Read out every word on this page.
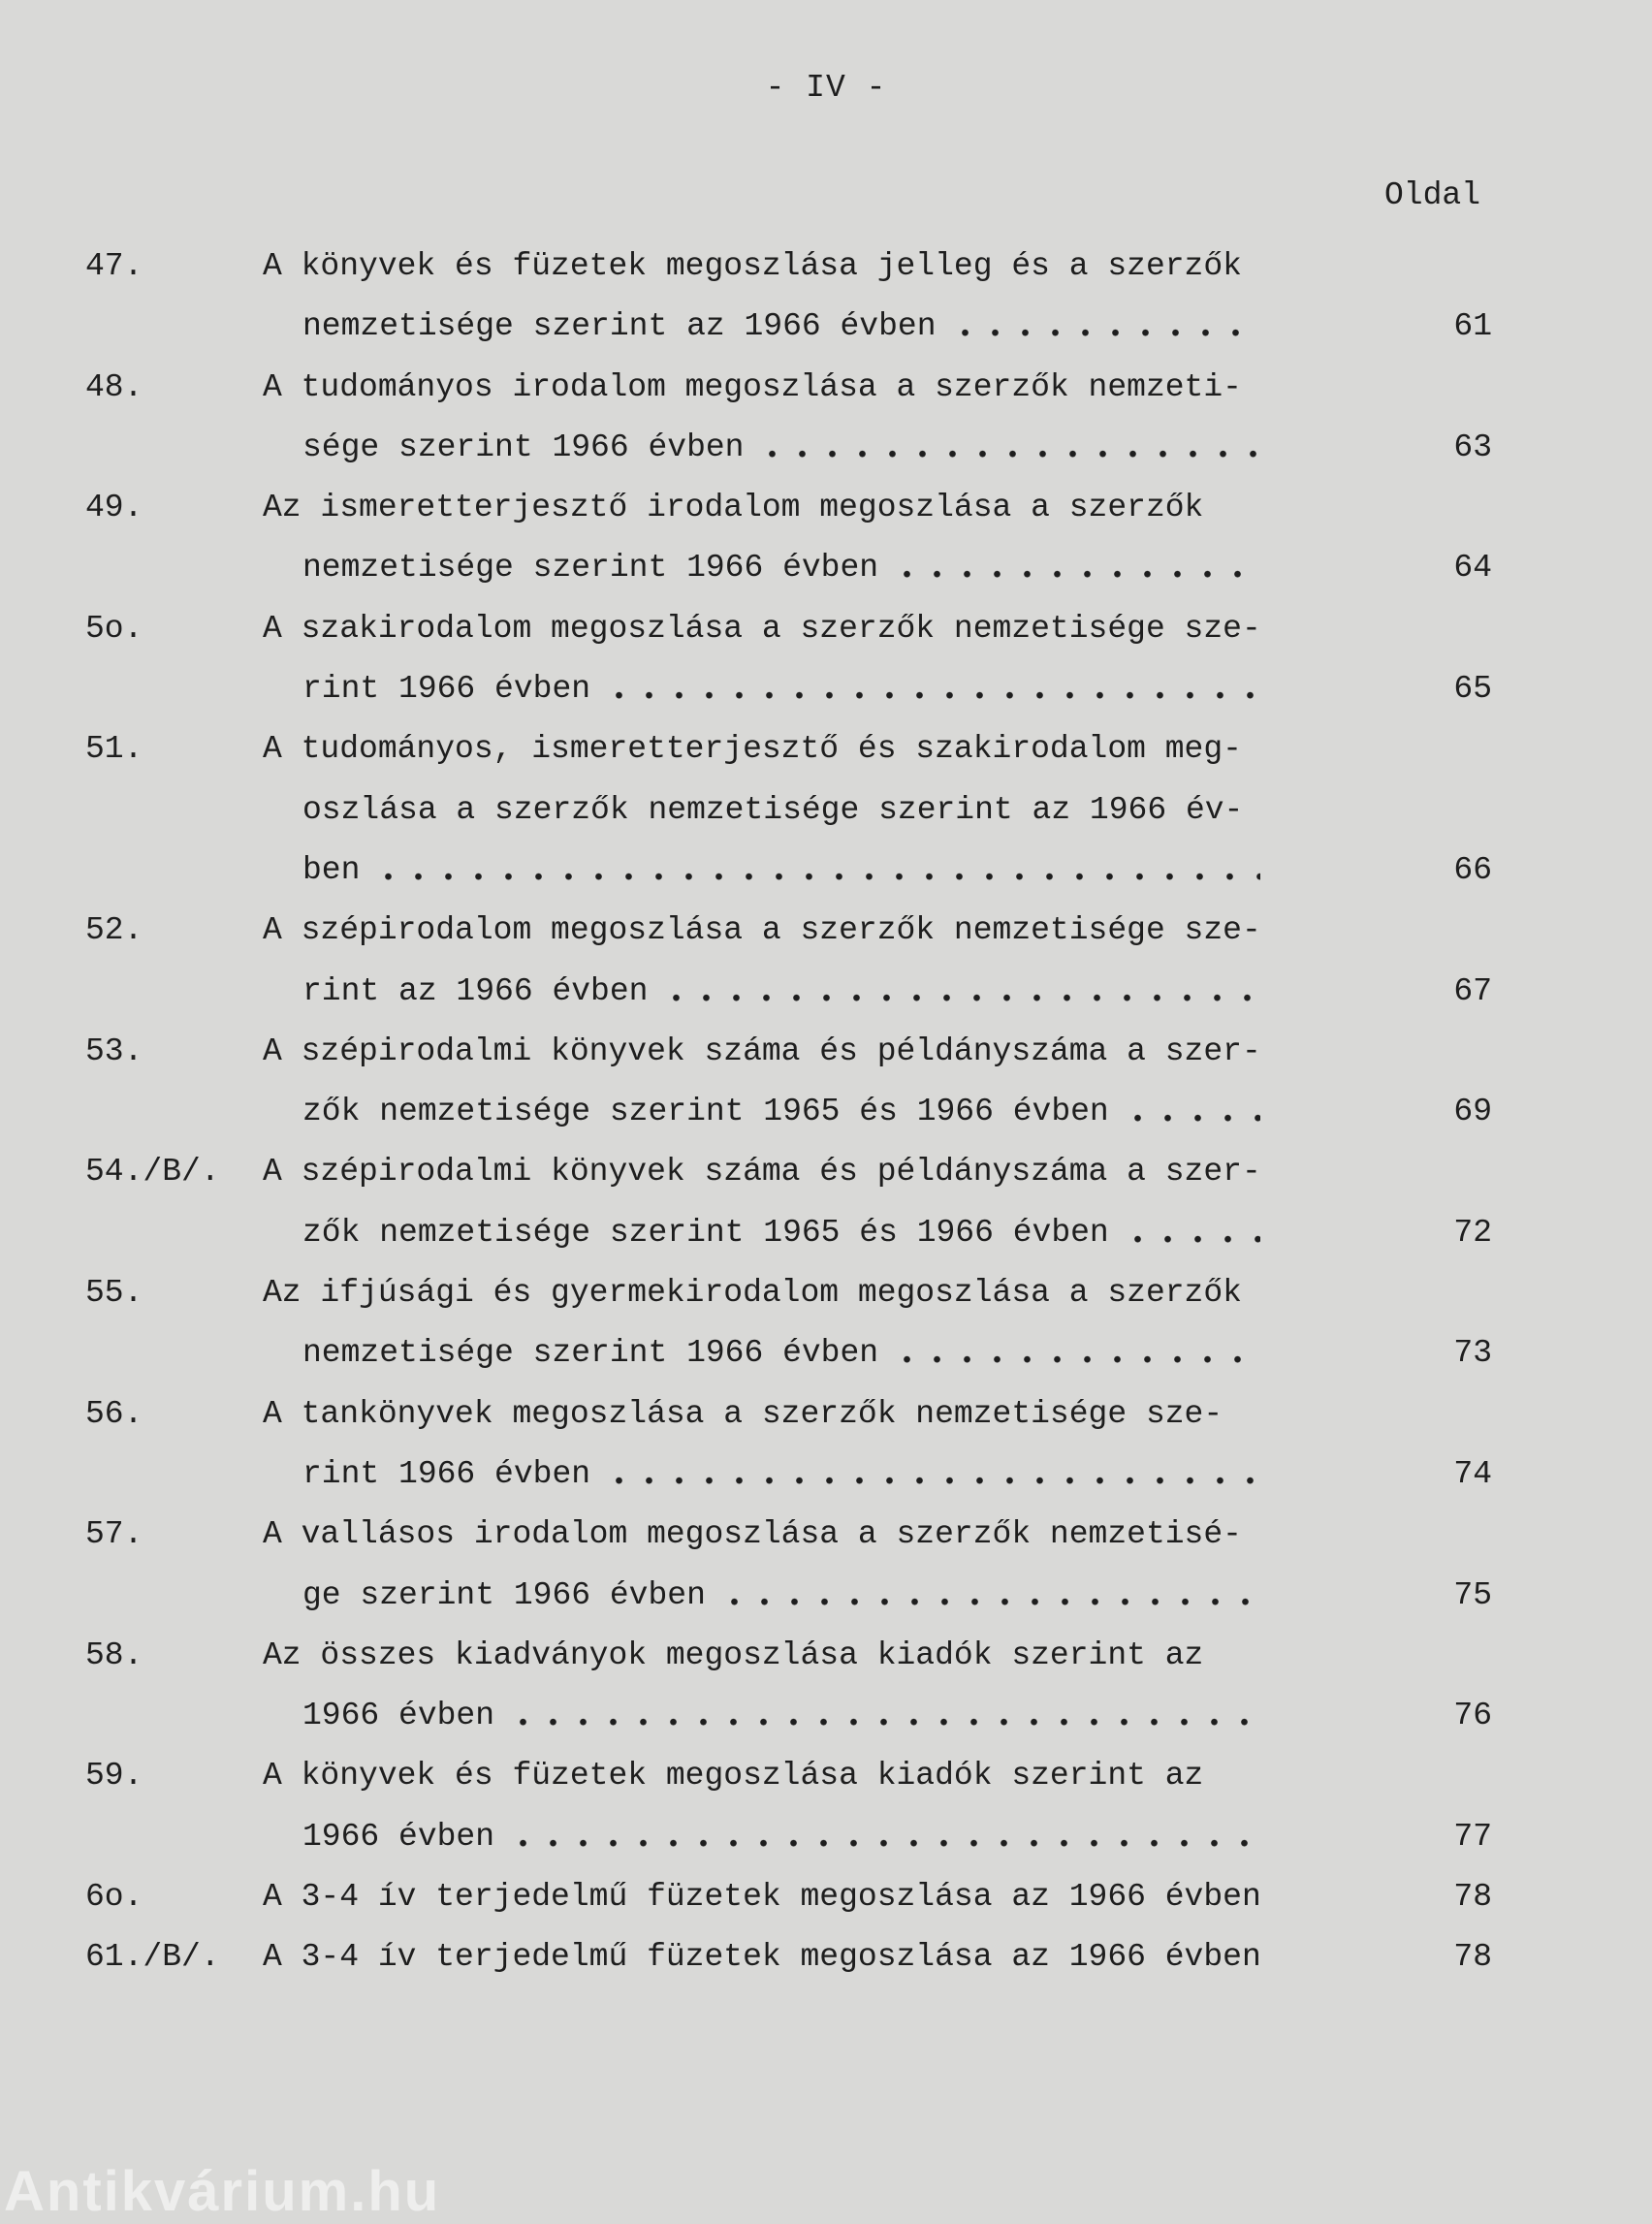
- IV -
Oldal
47.	A könyvek és füzetek megoszlása jelleg és a szerzők
nemzetisége szerint az 1966 évben	61
48.	A tudományos irodalom megoszlása a szerzők nemzeti-
sége szerint 1966 évben	63
49.	Az ismeretterjesztő irodalom megoszlása a szerzők
nemzetisége szerint 1966 évben	64
5o.	A szakirodalom megoszlása a szerzők nemzetisége sze-
rint 1966 évben	65
51.	A tudományos, ismeretterjesztő és szakirodalom meg-
oszlása a szerzők nemzetisége szerint az 1966 év-
ben	66
52.	A szépirodalom megoszlása a szerzők nemzetisége sze-
rint az 1966 évben	67
53.	A szépirodalmi könyvek száma és példányszáma a szer-
zők nemzetisége szerint 1965 és 1966 évben	69
54./B/. A szépirodalmi könyvek száma és példányszáma a szer-
zők nemzetisége szerint 1965 és 1966 évben	72
55.	Az ifjúsági és gyermekirodalom megoszlása a szerzők
nemzetisége szerint 1966 évben	73
56.	A tankönyvek megoszlása a szerzők nemzetisége sze-
rint 1966 évben	74
57.	A vallásos irodalom megoszlása a szerzők nemzetisé-
ge szerint 1966 évben	75
58.	Az összes kiadványok megoszlása kiadók szerint az
1966 évben	76
59.	A könyvek és füzetek megoszlása kiadók szerint az
1966 évben	77
6o.	A 3-4 ív terjedelmű füzetek megoszlása az 1966 évben	78
61./B/. A 3-4 ív terjedelmű füzetek megoszlása az 1966 évben	78
Antikvárium.hu
